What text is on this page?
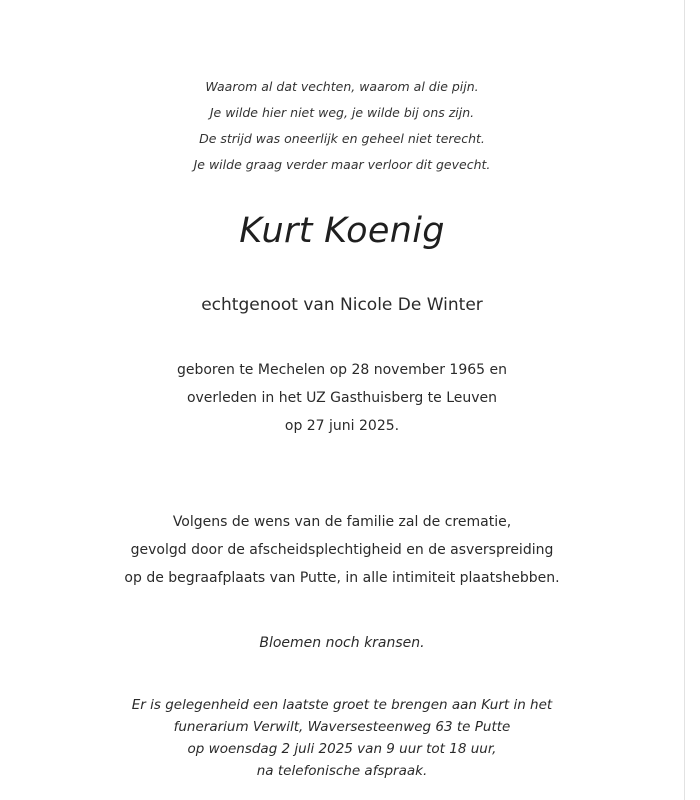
Waarom al dat vechten, waarom al die pijn.
Je wilde hier niet weg, je wilde bij ons zijn.
De strijd was oneerlijk en geheel niet terecht.
Je wilde graag verder maar verloor dit gevecht.
Kurt Koenig
echtgenoot van Nicole De Winter
geboren te Mechelen op 28 november 1965 en
overleden in het UZ Gasthuisberg te Leuven
op 27 juni 2025.
Volgens de wens van de familie zal de crematie,
gevolgd door de afscheidsplechtigheid en de asverspreiding
op de begraafplaats van Putte, in alle intimiteit plaatshebben.
Bloemen noch kransen.
Er is gelegenheid een laatste groet te brengen aan Kurt in het
funerarium Verwilt, Waversesteenweg 63 te Putte
op woensdag 2 juli 2025 van 9 uur tot 18 uur,
na telefonische afspraak.
